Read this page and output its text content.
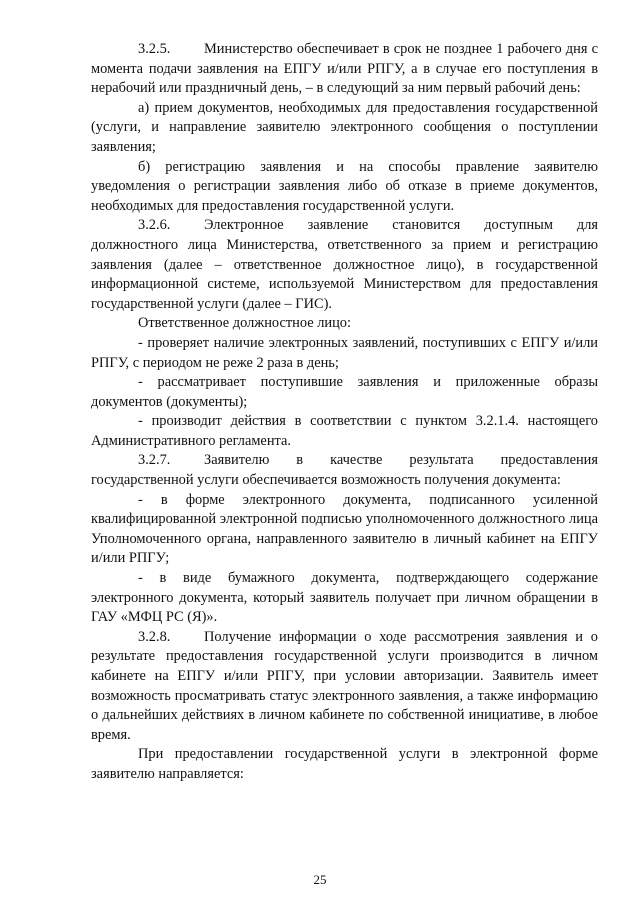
3.2.5. Министерство обеспечивает в срок не позднее 1 рабочего дня с момента подачи заявления на ЕПГУ и/или РПГУ, а в случае его поступления в нерабочий или праздничный день, – в следующий за ним первый рабочий день:

а) прием документов, необходимых для предоставления государственной (услуги, и направление заявителю электронного сообщения о поступлении заявления;

б) регистрацию заявления и на способы правление заявителю уведомления о регистрации заявления либо об отказе в приеме документов, необходимых для предоставления государственной услуги.

3.2.6. Электронное заявление становится доступным для должностного лица Министерства, ответственного за прием и регистрацию заявления (далее – ответственное должностное лицо), в государственной информационной системе, используемой Министерством для предоставления государственной услуги (далее – ГИС).

Ответственное должностное лицо:

- проверяет наличие электронных заявлений, поступивших с ЕПГУ и/или РПГУ, с периодом не реже 2 раза в день;

- рассматривает поступившие заявления и приложенные образы документов (документы);

- производит действия в соответствии с пунктом 3.2.1.4. настоящего Административного регламента.

3.2.7. Заявителю в качестве результата предоставления государственной услуги обеспечивается возможность получения документа:

- в форме электронного документа, подписанного усиленной квалифицированной электронной подписью уполномоченного должностного лица Уполномоченного органа, направленного заявителю в личный кабинет на ЕПГУ и/или РПГУ;

- в виде бумажного документа, подтверждающего содержание электронного документа, который заявитель получает при личном обращении в ГАУ «МФЦ РС (Я)».

3.2.8. Получение информации о ходе рассмотрения заявления и о результате предоставления государственной услуги производится в личном кабинете на ЕПГУ и/или РПГУ, при условии авторизации. Заявитель имеет возможность просматривать статус электронного заявления, а также информацию о дальнейших действиях в личном кабинете по собственной инициативе, в любое время.

При предоставлении государственной услуги в электронной форме заявителю направляется:

25
